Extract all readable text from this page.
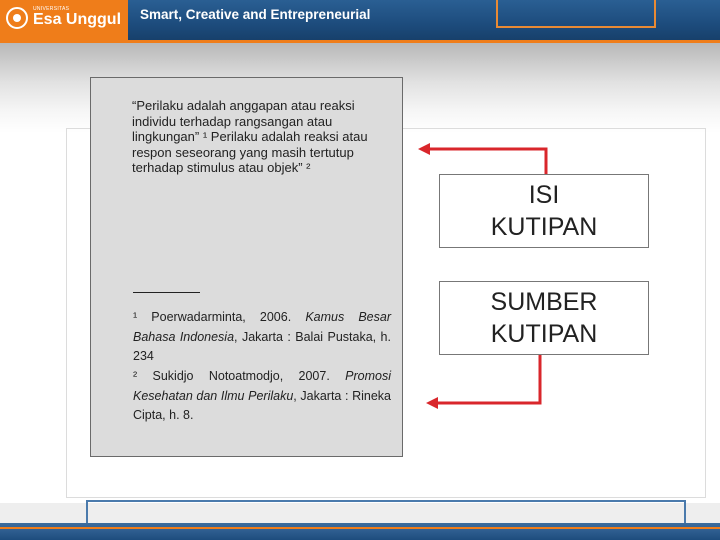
UNIVERSITAS
Esa Unggul Smart, Creative and Entrepreneurial
“Perilaku adalah anggapan atau reaksi individu terhadap rangsangan atau lingkungan” ¹ Perilaku adalah reaksi atau respon seseorang yang masih tertutup terhadap stimulus atau objek” ²
¹ Poerwadarminta, 2006. Kamus Besar Bahasa Indonesia, Jakarta : Balai Pustaka, h. 234
² Sukidjo Notoatmodjo, 2007. Promosi Kesehatan dan Ilmu Perilaku, Jakarta : Rineka Cipta, h. 8.
ISI
KUTIPAN
SUMBER
KUTIPAN
